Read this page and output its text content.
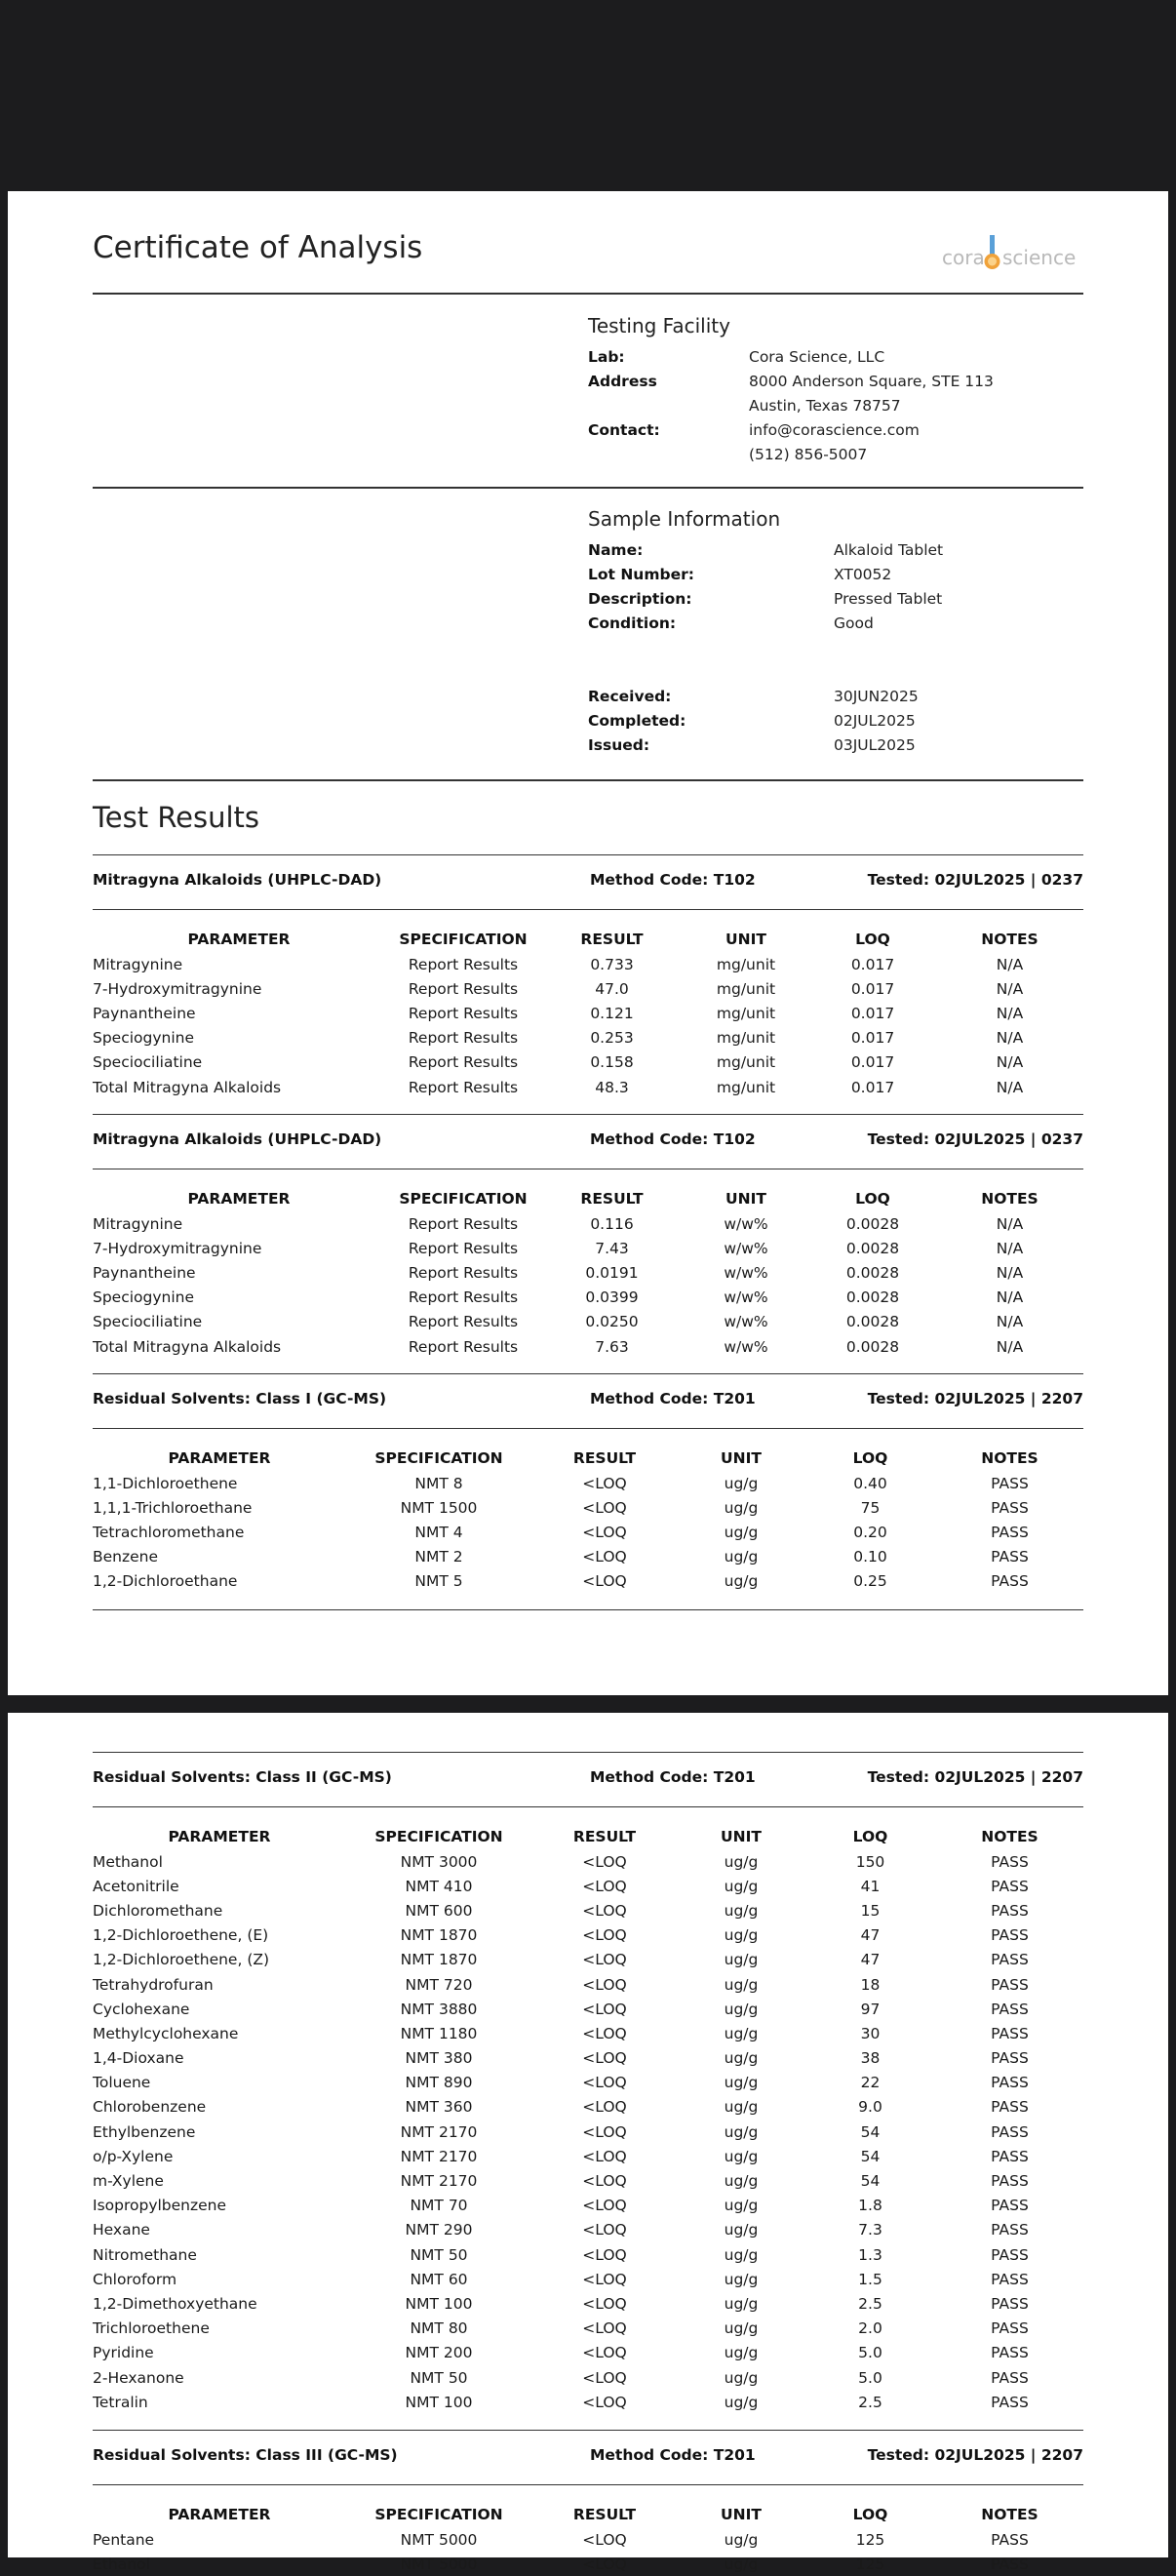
Certificate of Analysis	cora science
Testing Facility
Lab:	Cora Science, LLC
Address	8000 Anderson Square, STE 113
Austin, Texas 78757
Contact:	info@corascience.com
(512) 856-5007
Sample Information
Name:	Alkaloid Tablet
Lot Number:	XT0052
Description:	Pressed Tablet
Condition:	Good
Received:	30JUN2025
Completed:	02JUL2025
Issued:	03JUL2025
Test Results
Mitragyna Alkaloids (UHPLC-DAD)	Method Code: T102	Tested: 02JUL2025 | 0237
PARAMETER	SPECIFICATION	RESULT	UNIT	LOQ	NOTES
Mitragynine	Report Results	0.733	mg/unit	0.017	N/A
7-Hydroxymitragynine	Report Results	47.0	mg/unit	0.017	N/A
Paynantheine	Report Results	0.121	mg/unit	0.017	N/A
Speciogynine	Report Results	0.253	mg/unit	0.017	N/A
Speciociliatine	Report Results	0.158	mg/unit	0.017	N/A
Total Mitragyna Alkaloids	Report Results	48.3	mg/unit	0.017	N/A
Mitragyna Alkaloids (UHPLC-DAD)	Method Code: T102	Tested: 02JUL2025 | 0237
PARAMETER	SPECIFICATION	RESULT	UNIT	LOQ	NOTES
Mitragynine	Report Results	0.116	w/w%	0.0028	N/A
7-Hydroxymitragynine	Report Results	7.43	w/w%	0.0028	N/A
Paynantheine	Report Results	0.0191	w/w%	0.0028	N/A
Speciogynine	Report Results	0.0399	w/w%	0.0028	N/A
Speciociliatine	Report Results	0.0250	w/w%	0.0028	N/A
Total Mitragyna Alkaloids	Report Results	7.63	w/w%	0.0028	N/A
Residual Solvents: Class I (GC-MS)	Method Code: T201	Tested: 02JUL2025 | 2207
PARAMETER	SPECIFICATION	RESULT	UNIT	LOQ	NOTES
1,1-Dichloroethene	NMT 8	<LOQ	ug/g	0.40	PASS
1,1,1-Trichloroethane	NMT 1500	<LOQ	ug/g	75	PASS
Tetrachloromethane	NMT 4	<LOQ	ug/g	0.20	PASS
Benzene	NMT 2	<LOQ	ug/g	0.10	PASS
1,2-Dichloroethane	NMT 5	<LOQ	ug/g	0.25	PASS
Residual Solvents: Class II (GC-MS)	Method Code: T201	Tested: 02JUL2025 | 2207
PARAMETER	SPECIFICATION	RESULT	UNIT	LOQ	NOTES
Methanol	NMT 3000	<LOQ	ug/g	150	PASS
Acetonitrile	NMT 410	<LOQ	ug/g	41	PASS
Dichloromethane	NMT 600	<LOQ	ug/g	15	PASS
1,2-Dichloroethene, (E)	NMT 1870	<LOQ	ug/g	47	PASS
1,2-Dichloroethene, (Z)	NMT 1870	<LOQ	ug/g	47	PASS
Tetrahydrofuran	NMT 720	<LOQ	ug/g	18	PASS
Cyclohexane	NMT 3880	<LOQ	ug/g	97	PASS
Methylcyclohexane	NMT 1180	<LOQ	ug/g	30	PASS
1,4-Dioxane	NMT 380	<LOQ	ug/g	38	PASS
Toluene	NMT 890	<LOQ	ug/g	22	PASS
Chlorobenzene	NMT 360	<LOQ	ug/g	9.0	PASS
Ethylbenzene	NMT 2170	<LOQ	ug/g	54	PASS
o/p-Xylene	NMT 2170	<LOQ	ug/g	54	PASS
m-Xylene	NMT 2170	<LOQ	ug/g	54	PASS
Isopropylbenzene	NMT 70	<LOQ	ug/g	1.8	PASS
Hexane	NMT 290	<LOQ	ug/g	7.3	PASS
Nitromethane	NMT 50	<LOQ	ug/g	1.3	PASS
Chloroform	NMT 60	<LOQ	ug/g	1.5	PASS
1,2-Dimethoxyethane	NMT 100	<LOQ	ug/g	2.5	PASS
Trichloroethene	NMT 80	<LOQ	ug/g	2.0	PASS
Pyridine	NMT 200	<LOQ	ug/g	5.0	PASS
2-Hexanone	NMT 50	<LOQ	ug/g	5.0	PASS
Tetralin	NMT 100	<LOQ	ug/g	2.5	PASS
Residual Solvents: Class III (GC-MS)	Method Code: T201	Tested: 02JUL2025 | 2207
PARAMETER	SPECIFICATION	RESULT	UNIT	LOQ	NOTES
Pentane	NMT 5000	<LOQ	ug/g	125	PASS
Ethanol	NMT 5000	<LOQ	ug/g	125	PASS
